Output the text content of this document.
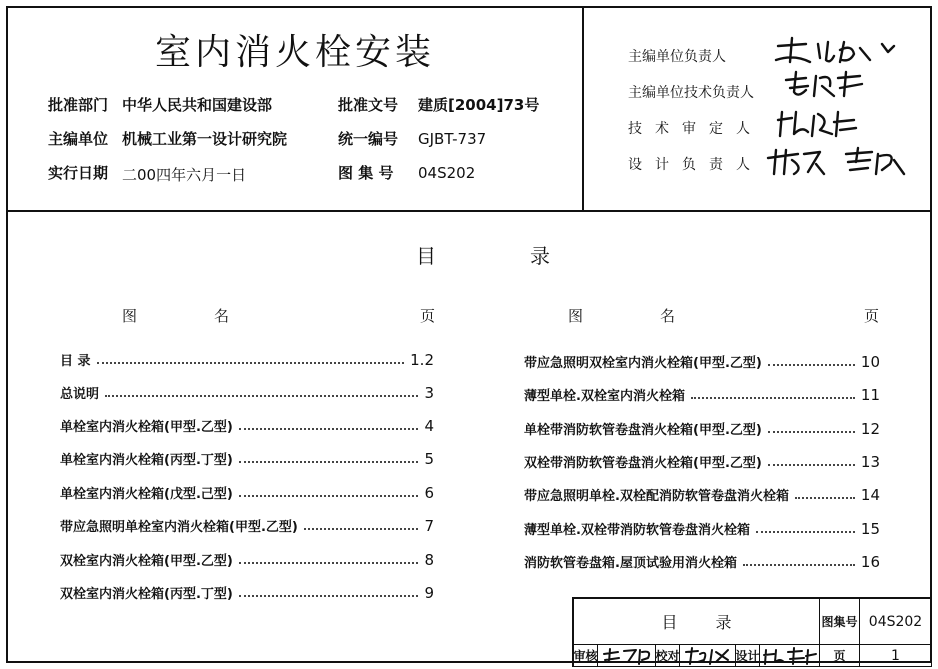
室内消火栓安装
批准部门 中华人民共和国建设部	批准文号 建质[2004]73号
主编单位 机械工业第一设计研究院	统一编号 GJBT-737
实行日期 二00四年六月一日	图 集 号 04S202
主编单位负责人
主编单位技术负责人
技术审定人
设计负责人
目	录
图	名	页	图	名	页
目 录	1.2
总说明	3
单栓室内消火栓箱(甲型.乙型)	4
单栓室内消火栓箱(丙型.丁型)	5
单栓室内消火栓箱(戊型.己型)	6
带应急照明单栓室内消火栓箱(甲型.乙型)	7
双栓室内消火栓箱(甲型.乙型)	8
双栓室内消火栓箱(丙型.丁型)	9
带应急照明双栓室内消火栓箱(甲型.乙型)	10
薄型单栓.双栓室内消火栓箱	11
单栓带消防软管卷盘消火栓箱(甲型.乙型)	12
双栓带消防软管卷盘消火栓箱(甲型.乙型)	13
带应急照明单栓.双栓配消防软管卷盘消火栓箱	14
薄型单栓.双栓带消防软管卷盘消火栓箱	15
消防软管卷盘箱.屋顶试验用消火栓箱	16
目 录	图集号 04S202
审核	校对	设计	页	1
